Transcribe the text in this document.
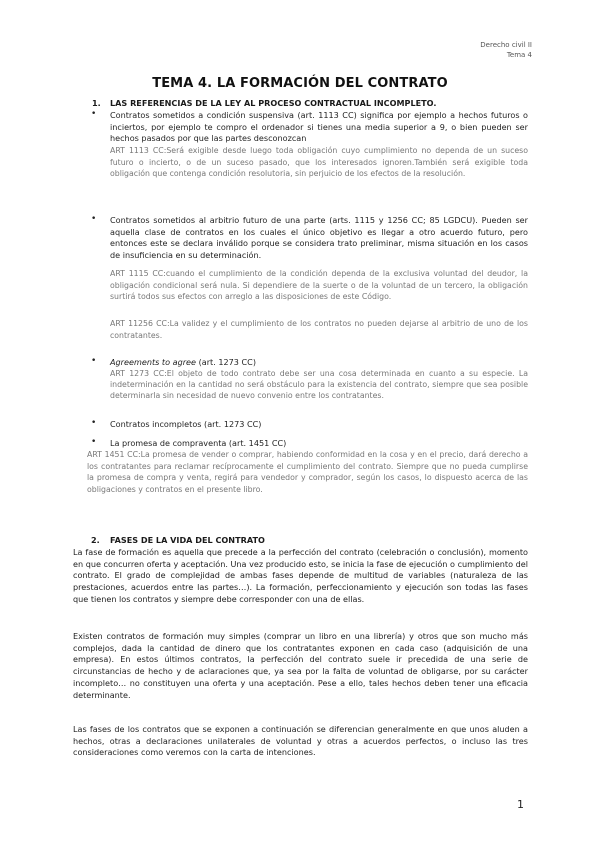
Derecho civil II
Tema 4
TEMA 4. LA FORMACIÓN DEL CONTRATO
1. LAS REFERENCIAS DE LA LEY AL PROCESO CONTRACTUAL INCOMPLETO.
• Contratos sometidos a condición suspensiva (art. 1113 CC) significa por ejemplo a hechos futuros o inciertos, por ejemplo te compro el ordenador si tienes una media superior a 9, o bien pueden ser hechos pasados por que las partes desconozcan
ART 1113 CC:Será exigible desde luego toda obligación cuyo cumplimiento no dependa de un suceso futuro o incierto, o de un suceso pasado, que los interesados ignoren.También será exigible toda obligación que contenga condición resolutoria, sin perjuicio de los efectos de la resolución.
• Contratos sometidos al arbitrio futuro de una parte (arts. 1115 y 1256 CC; 85 LGDCU). Pueden ser aquella clase de contratos en los cuales el único objetivo es llegar a otro acuerdo futuro, pero entonces este se declara inválido porque se considera trato preliminar, misma situación en los casos de insuficiencia en su determinación.
ART 1115 CC:cuando el cumplimiento de la condición dependa de la exclusiva voluntad del deudor, la obligación condicional será nula. Si dependiere de la suerte o de la voluntad de un tercero, la obligación surtirá todos sus efectos con arreglo a las disposiciones de este Código.
ART 11256 CC:La validez y el cumplimiento de los contratos no pueden dejarse al arbitrio de uno de los contratantes.
• Agreements to agree (art. 1273 CC)
ART 1273 CC:El objeto de todo contrato debe ser una cosa determinada en cuanto a su especie. La indeterminación en la cantidad no será obstáculo para la existencia del contrato, siempre que sea posible determinarla sin necesidad de nuevo convenio entre los contratantes.
• Contratos incompletos (art. 1273 CC)
• La promesa de compraventa (art. 1451 CC)
ART 1451 CC:La promesa de vender o comprar, habiendo conformidad en la cosa y en el precio, dará derecho a los contratantes para reclamar recíprocamente el cumplimiento del contrato. Siempre que no pueda cumplirse la promesa de compra y venta, regirá para vendedor y comprador, según los casos, lo dispuesto acerca de las obligaciones y contratos en el presente libro.
2. FASES DE LA VIDA DEL CONTRATO
La fase de formación es aquella que precede a la perfección del contrato (celebración o conclusión), momento en que concurren oferta y aceptación. Una vez producido esto, se inicia la fase de ejecución o cumplimiento del contrato. El grado de complejidad de ambas fases depende de multitud de variables (naturaleza de las prestaciones, acuerdos entre las partes…). La formación, perfeccionamiento y ejecución son todas las fases que tienen los contratos y siempre debe corresponder con una de ellas.
Existen contratos de formación muy simples (comprar un libro en una librería) y otros que son mucho más complejos, dada la cantidad de dinero que los contratantes exponen en cada caso (adquisición de una empresa). En estos últimos contratos, la perfección del contrato suele ir precedida de una serie de circunstancias de hecho y de aclaraciones que, ya sea por la falta de voluntad de obligarse, por su carácter incompleto… no constituyen una oferta y una aceptación. Pese a ello, tales hechos deben tener una eficacia determinante.
Las fases de los contratos que se exponen a continuación se diferencian generalmente en que unos aluden a hechos, otras a declaraciones unilaterales de voluntad y otras a acuerdos perfectos, o incluso las tres consideraciones como veremos con la carta de intenciones.
1
